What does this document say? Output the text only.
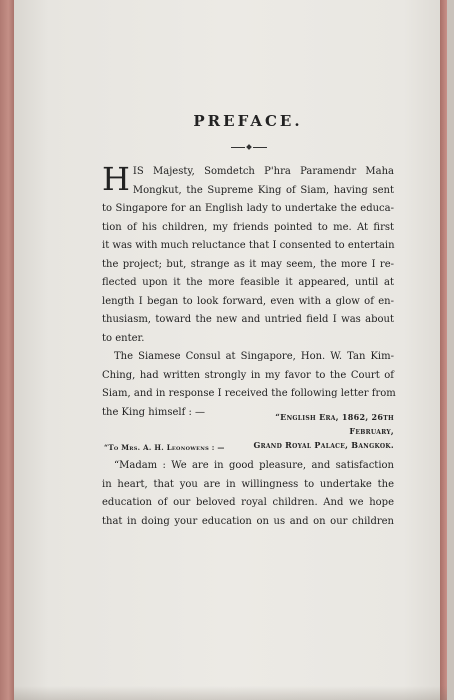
PREFACE.
H IS Majesty, Somdetch P'hra Paramendr Maha
Mongkut, the Supreme King of Siam, having sent
to Singapore for an English lady to undertake the educa-
tion of his children, my friends pointed to me. At first
it was with much reluctance that I consented to entertain
the project; but, strange as it may seem, the more I re-
flected upon it the more feasible it appeared, until at
length I began to look forward, even with a glow of en-
thusiasm, toward the new and untried field I was about
to enter.
The Siamese Consul at Singapore, Hon. W. Tan Kim-
Ching, had written strongly in my favor to the Court of
Siam, and in response I received the following letter from
the King himself : —	“English Era, 1862, 26th February,
Grand Royal Palace, Bangkok.
“To Mrs. A. H. Leonowens : —
“Madam : We are in good pleasure, and satisfaction
in heart, that you are in willingness to undertake the
education of our beloved royal children. And we hope
that in doing your education on us and on our children
